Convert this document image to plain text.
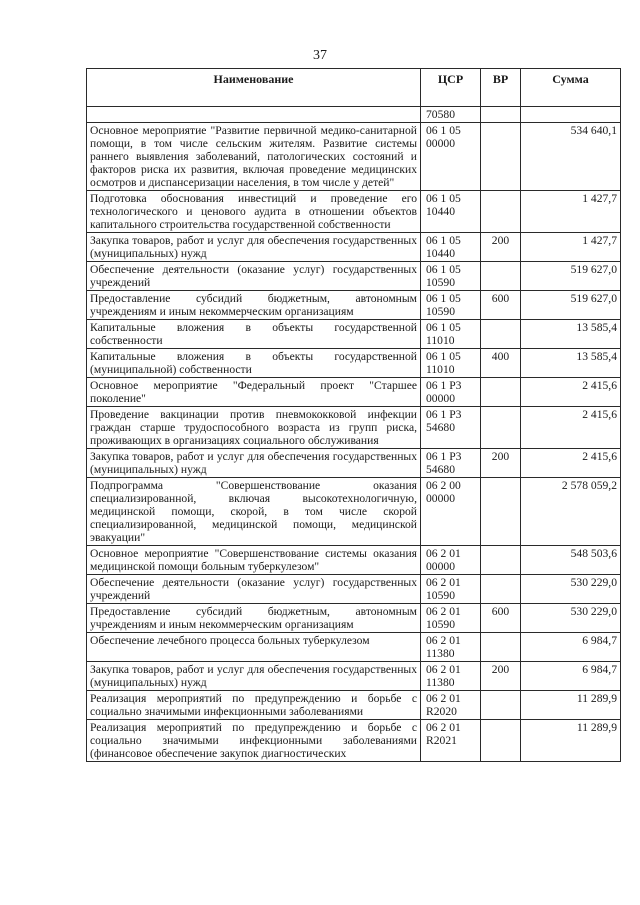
37
Наименование	ЦСР	ВР	Сумма
	70580		
Основное мероприятие "Развитие первичной медико-санитарной помощи, в том числе сельским жителям. Развитие системы раннего выявления заболеваний, патологических состояний и факторов риска их развития, включая проведение медицинских осмотров и диспансеризации населения, в том числе у детей"	06 1 05 00000		534 640,1
Подготовка обоснования инвестиций и проведение его технологического и ценового аудита в отношении объектов капитального строительства государственной собственности	06 1 05 10440		1 427,7
Закупка товаров, работ и услуг для обеспечения государственных (муниципальных) нужд	06 1 05 10440	200	1 427,7
Обеспечение деятельности (оказание услуг) государственных учреждений	06 1 05 10590		519 627,0
Предоставление субсидий бюджетным, автономным учреждениям и иным некоммерческим организациям	06 1 05 10590	600	519 627,0
Капитальные вложения в объекты государственной собственности	06 1 05 11010		13 585,4
Капитальные вложения в объекты государственной (муниципальной) собственности	06 1 05 11010	400	13 585,4
Основное мероприятие "Федеральный проект "Старшее поколение"	06 1 Р3 00000		2 415,6
Проведение вакцинации против пневмококковой инфекции граждан старше трудоспособного возраста из групп риска, проживающих в организациях социального обслуживания	06 1 Р3 54680		2 415,6
Закупка товаров, работ и услуг для обеспечения государственных (муниципальных) нужд	06 1 Р3 54680	200	2 415,6
Подпрограмма "Совершенствование оказания специализированной, включая высокотехнологичную, медицинской помощи, скорой, в том числе скорой специализированной, медицинской помощи, медицинской эвакуации"	06 2 00 00000		2 578 059,2
Основное мероприятие "Совершенствование системы оказания медицинской помощи больным туберкулезом"	06 2 01 00000		548 503,6
Обеспечение деятельности (оказание услуг) государственных учреждений	06 2 01 10590		530 229,0
Предоставление субсидий бюджетным, автономным учреждениям и иным некоммерческим организациям	06 2 01 10590	600	530 229,0
Обеспечение лечебного процесса больных туберкулезом	06 2 01 11380		6 984,7
Закупка товаров, работ и услуг для обеспечения государственных (муниципальных) нужд	06 2 01 11380	200	6 984,7
Реализация мероприятий по предупреждению и борьбе с социально значимыми инфекционными заболеваниями	06 2 01 R2020		11 289,9
Реализация мероприятий по предупреждению и борьбе с социально значимыми инфекционными заболеваниями (финансовое обеспечение закупок диагностических	06 2 01 R2021		11 289,9
